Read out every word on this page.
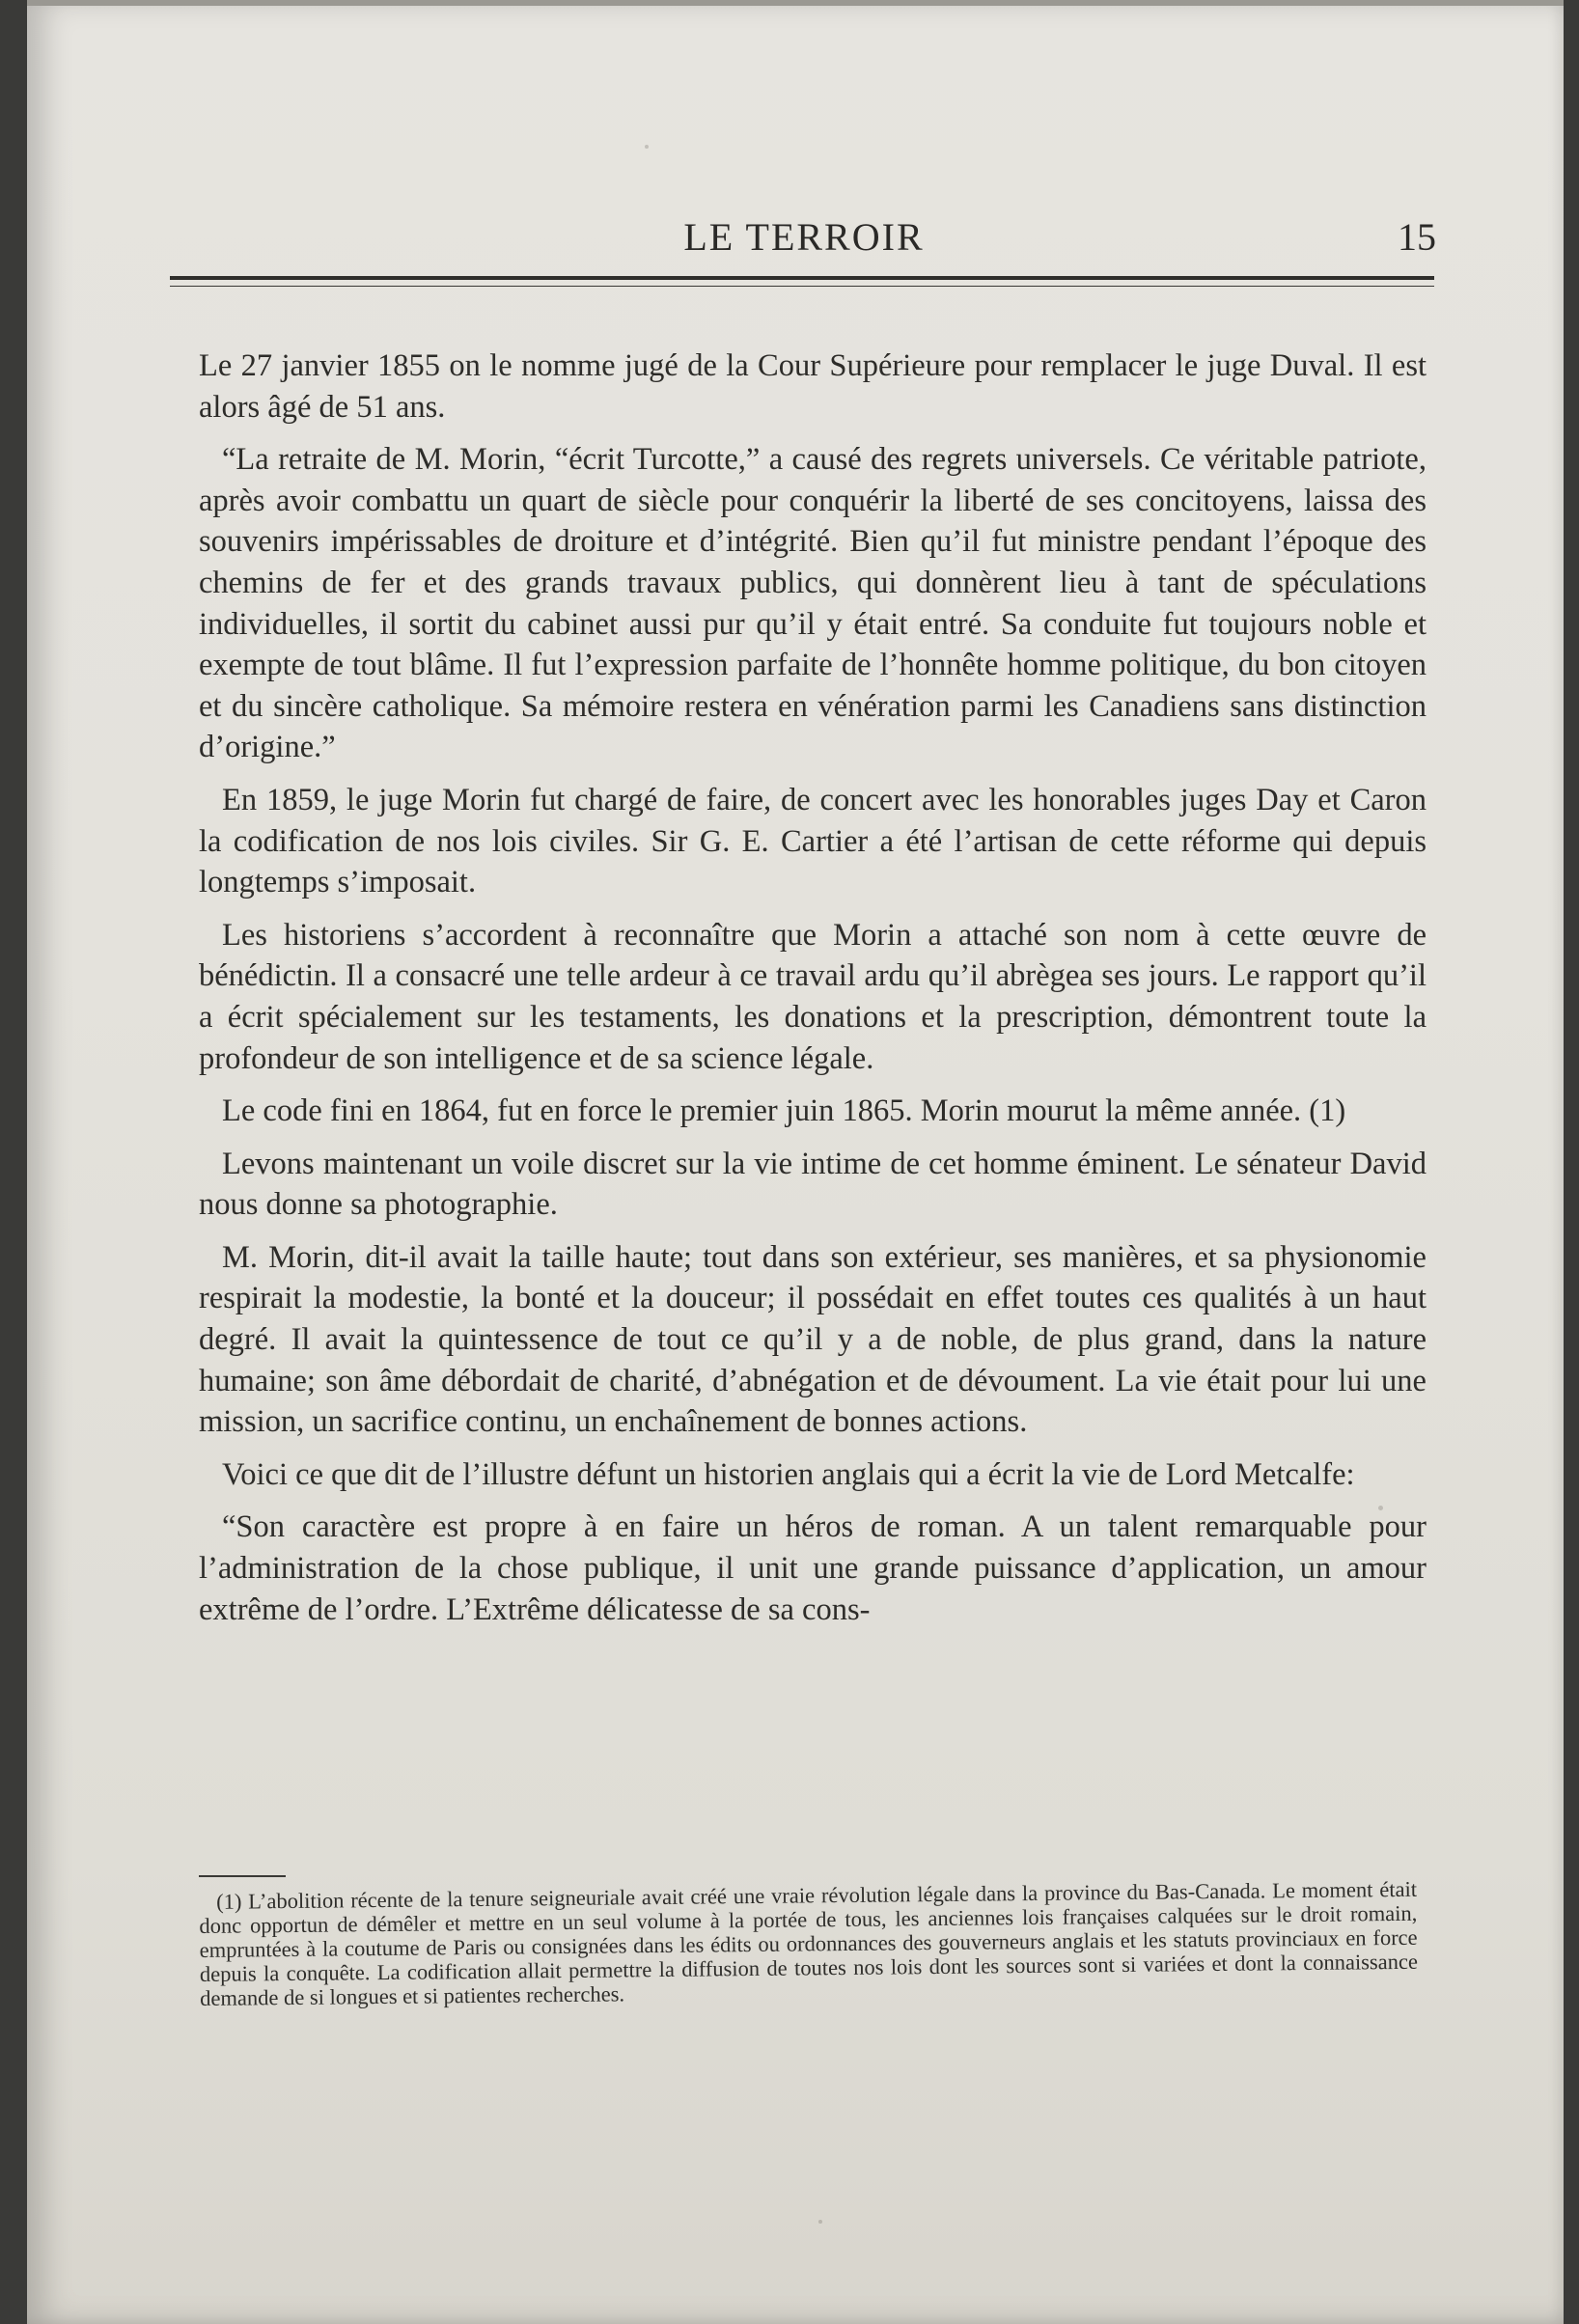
LE TERROIR	15

Le 27 janvier 1855 on le nomme jugé de la Cour Supérieure pour remplacer le juge Duval. Il est alors âgé de 51 ans.

“La retraite de M. Morin, “écrit Turcotte,” a causé des regrets universels. Ce véritable patriote, après avoir combattu un quart de siècle pour conquérir la liberté de ses concitoyens, laissa des souvenirs impérissables de droiture et d’intégrité. Bien qu’il fut ministre pendant l’époque des chemins de fer et des grands travaux publics, qui donnèrent lieu à tant de spéculations individuelles, il sortit du cabinet aussi pur qu’il y était entré. Sa conduite fut toujours noble et exempte de tout blâme. Il fut l’expression parfaite de l’honnête homme politique, du bon citoyen et du sincère catholique. Sa mémoire restera en vénération parmi les Canadiens sans distinction d’origine.”

En 1859, le juge Morin fut chargé de faire, de concert avec les honorables juges Day et Caron la codification de nos lois civiles. Sir G. E. Cartier a été l’artisan de cette réforme qui depuis longtemps s’imposait.

Les historiens s’accordent à reconnaître que Morin a attaché son nom à cette œuvre de bénédictin. Il a consacré une telle ardeur à ce travail ardu qu’il abrègea ses jours. Le rapport qu’il a écrit spécialement sur les testaments, les donations et la prescription, démontrent toute la profondeur de son intelligence et de sa science légale.

Le code fini en 1864, fut en force le premier juin 1865. Morin mourut la même année. (1)

Levons maintenant un voile discret sur la vie intime de cet homme éminent. Le sénateur David nous donne sa photographie.

M. Morin, dit-il avait la taille haute; tout dans son extérieur, ses manières, et sa physionomie respirait la modestie, la bonté et la douceur; il possédait en effet toutes ces qualités à un haut degré. Il avait la quintessence de tout ce qu’il y a de noble, de plus grand, dans la nature humaine; son âme débordait de charité, d’abnégation et de dévoument. La vie était pour lui une mission, un sacrifice continu, un enchaînement de bonnes actions.

Voici ce que dit de l’illustre défunt un historien anglais qui a écrit la vie de Lord Metcalfe:

“Son caractère est propre à en faire un héros de roman. A un talent remarquable pour l’administration de la chose publique, il unit une grande puissance d’application, un amour extrême de l’ordre. L’Extrême délicatesse de sa cons-

(1) L’abolition récente de la tenure seigneuriale avait créé une vraie révolution légale dans la province du Bas-Canada. Le moment était donc opportun de démêler et mettre en un seul volume à la portée de tous, les anciennes lois françaises calquées sur le droit romain, empruntées à la coutume de Paris ou consignées dans les édits ou ordonnances des gouverneurs anglais et les statuts provinciaux en force depuis la conquête. La codification allait permettre la diffusion de toutes nos lois dont les sources sont si variées et dont la connaissance demande de si longues et si patientes recherches.
